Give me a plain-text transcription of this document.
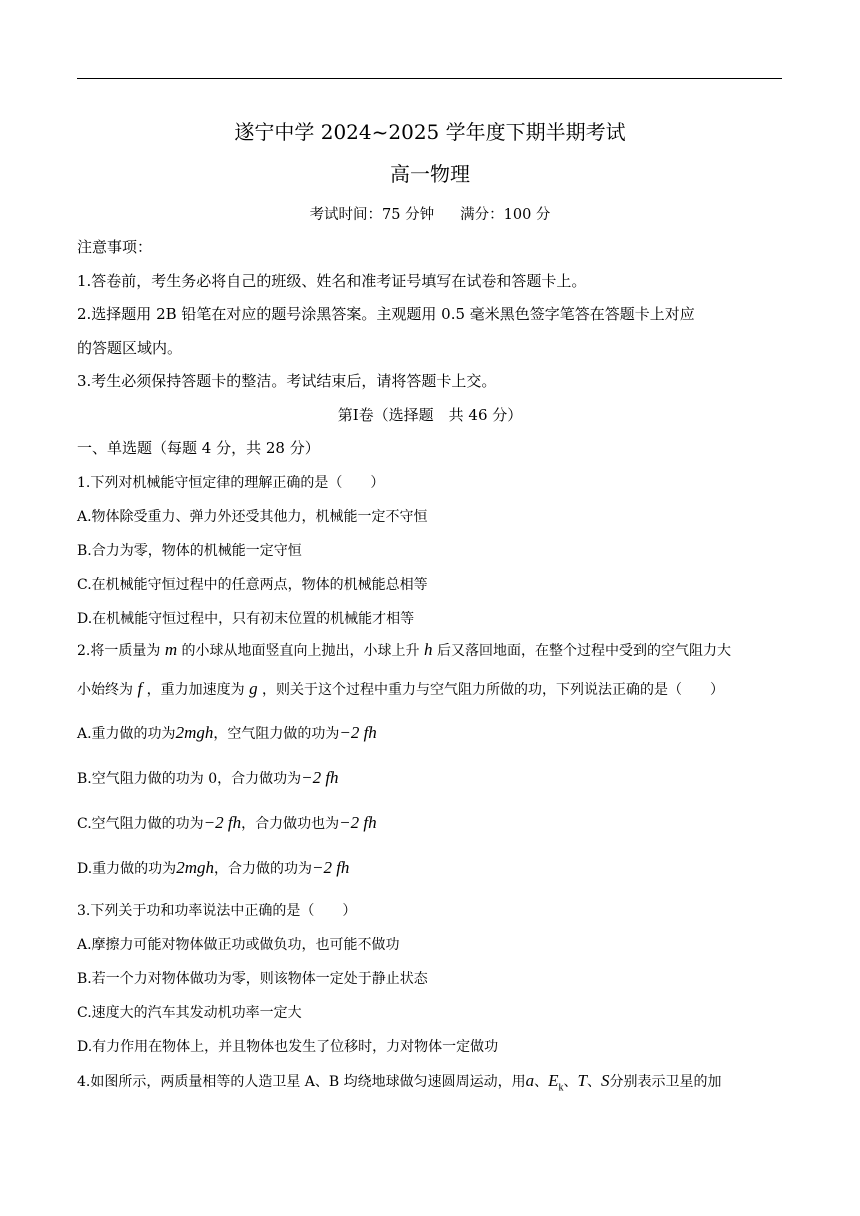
遂宁中学 2024~2025 学年度下期半期考试
高一物理
考试时间：75 分钟 满分：100 分
注意事项：
1.答卷前，考生务必将自己的班级、姓名和准考证号填写在试卷和答题卡上。
2.选择题用 2B 铅笔在对应的题号涂黑答案。主观题用 0.5 毫米黑色签字笔答在答题卡上对应
的答题区域内。
3.考生必须保持答题卡的整洁。考试结束后，请将答题卡上交。
第Ⅰ卷（选择题　共 46 分）
一、单选题（每题 4 分，共 28 分）
1.下列对机械能守恒定律的理解正确的是（　　）
A.物体除受重力、弹力外还受其他力，机械能一定不守恒
B.合力为零，物体的机械能一定守恒
C.在机械能守恒过程中的任意两点，物体的机械能总相等
D.在机械能守恒过程中，只有初末位置的机械能才相等
2.将一质量为 m 的小球从地面竖直向上抛出，小球上升 h 后又落回地面，在整个过程中受到的空气阻力大
小始终为 f ，重力加速度为 g ，则关于这个过程中重力与空气阻力所做的功，下列说法正确的是（　　）
A.重力做的功为2mgh，空气阻力做的功为−2 fh
B.空气阻力做的功为 0，合力做功为−2 fh
C.空气阻力做的功为−2 fh，合力做功也为−2 fh
D.重力做的功为2mgh，合力做的功为−2 fh
3.下列关于功和功率说法中正确的是（　　）
A.摩擦力可能对物体做正功或做负功，也可能不做功
B.若一个力对物体做功为零，则该物体一定处于静止状态
C.速度大的汽车其发动机功率一定大
D.有力作用在物体上，并且物体也发生了位移时，力对物体一定做功
4.如图所示，两质量相等的人造卫星 A、B 均绕地球做匀速圆周运动，用a、$E_k$、T、S分别表示卫星的加
